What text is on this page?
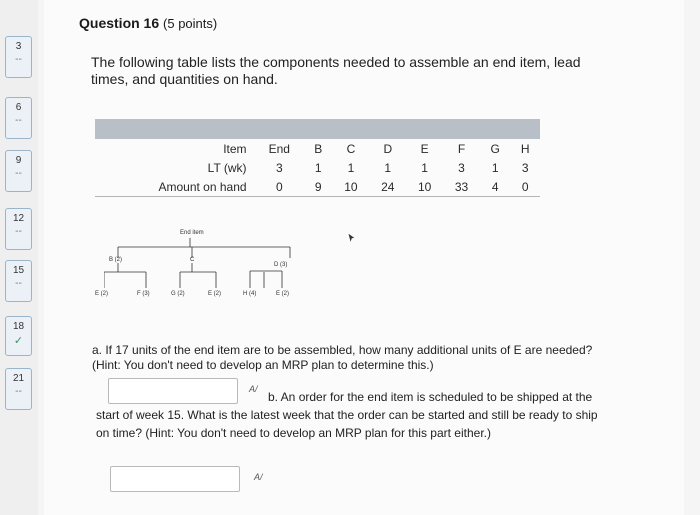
3
--
6
--
9
--
12
--
15
--
18
✓
21
--
Question 16 (5 points)
The following table lists the components needed to assemble an end item, lead times, and quantities on hand.

Item	End	B	C	D	E	F	G	H
LT (wk)	3	1	1	1	1	3	1	3
Amount on hand	0	9	10	24	10	33	4	0
End item
B (2)	C
D (3)
E (2)	F (3)	G (2)	E (2)	H (4)	E (2)
a. If 17 units of the end item are to be assembled, how many additional units of E are needed? (Hint: You don't need to develop an MRP plan to determine this.)
A/
b. An order for the end item is scheduled to be shipped at the start of week 15. What is the latest week that the order can be started and still be ready to ship on time? (Hint: You don't need to develop an MRP plan for this part either.)
A/
